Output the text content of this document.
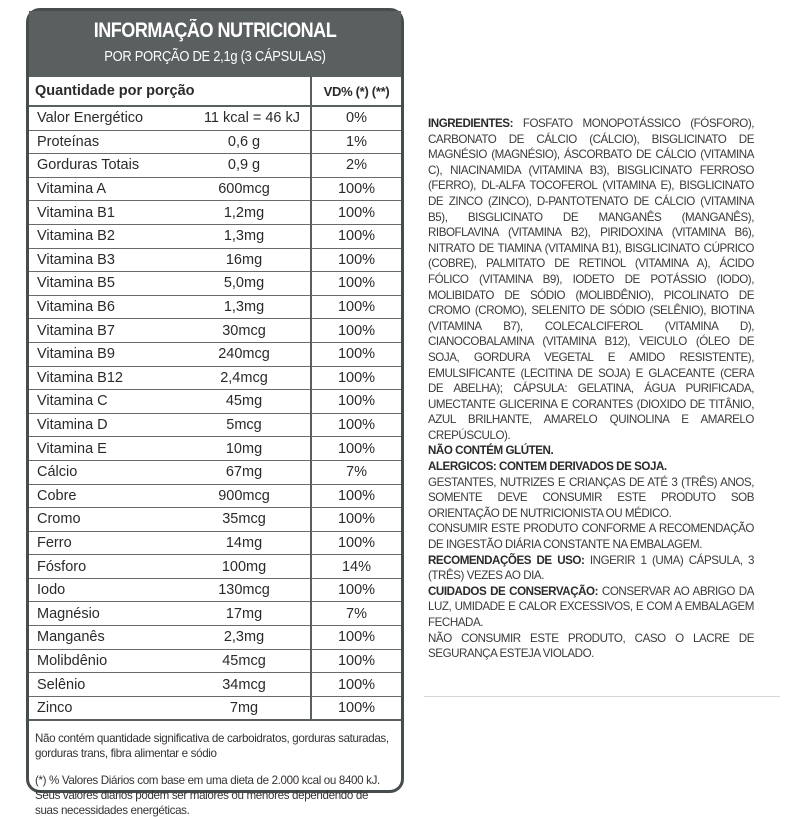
INFORMAÇÃO NUTRICIONAL
POR PORÇÃO DE 2,1g (3 CÁPSULAS)
Quantidade por porção	VD% (*) (**)
Valor Energético 11 kcal = 46 kJ	0%
Proteínas 0,6 g	1%
Gorduras Totais 0,9 g	2%
Vitamina A 600mcg	100%
Vitamina B1 1,2mg	100%
Vitamina B2 1,3mg	100%
Vitamina B3 16mg	100%
Vitamina B5 5,0mg	100%
Vitamina B6 1,3mg	100%
Vitamina B7 30mcg	100%
Vitamina B9 240mcg	100%
Vitamina B12 2,4mcg	100%
Vitamina C 45mg	100%
Vitamina D 5mcg	100%
Vitamina E 10mg	100%
Cálcio 67mg	7%
Cobre 900mcg	100%
Cromo 35mcg	100%
Ferro 14mg	100%
Fósforo 100mg	14%
Iodo 130mcg	100%
Magnésio 17mg	7%
Manganês 2,3mg	100%
Molibdênio 45mcg	100%
Selênio 34mcg	100%
Zinco 7mg	100%
Não contém quantidade significativa de carboidratos, gorduras saturadas, gorduras trans, fibra alimentar e sódio
(*) % Valores Diários com base em uma dieta de 2.000 kcal ou 8400 kJ. Seus valores diários podem ser maiores ou menores dependendo de suas necessidades energéticas.

INGREDIENTES: FOSFATO MONOPOTÁSSICO (FÓSFORO), CARBONATO DE CÁLCIO (CÁLCIO), BISGLICINATO DE MAGNÉSIO (MAGNÉSIO), ÁSCORBATO DE CÁLCIO (VITAMINA C), NIACINAMIDA (VITAMINA B3), BISGLICINATO FERROSO (FERRO), DL-ALFA TOCOFEROL (VITAMINA E), BISGLICINATO DE ZINCO (ZINCO), D-PANTOTENATO DE CÁLCIO (VITAMINA B5), BISGLICINATO DE MANGANÊS (MANGANÊS), RIBOFLAVINA (VITAMINA B2), PIRIDOXINA (VITAMINA B6), NITRATO DE TIAMINA (VITAMINA B1), BISGLICINATO CÚPRICO (COBRE), PALMITATO DE RETINOL (VITAMINA A), ÁCIDO FÓLICO (VITAMINA B9), IODETO DE POTÁSSIO (IODO), MOLIBIDATO DE SÓDIO (MOLIBDÊNIO), PICOLINATO DE CROMO (CROMO), SELENITO DE SÓDIO (SELÊNIO), BIOTINA (VITAMINA B7), COLECALCIFEROL (VITAMINA D), CIANOCOBALAMINA (VITAMINA B12), VEICULO (ÓLEO DE SOJA, GORDURA VEGETAL E AMIDO RESISTENTE), EMULSIFICANTE (LECITINA DE SOJA) E GLACEANTE (CERA DE ABELHA); CÁPSULA: GELATINA, ÁGUA PURIFICADA, UMECTANTE GLICERINA E CORANTES (DIOXIDO DE TITÂNIO, AZUL BRILHANTE, AMARELO QUINOLINA E AMARELO CREPÚSCULO).

NÃO CONTÉM GLÚTEN.

ALERGICOS: CONTEM DERIVADOS DE SOJA.

GESTANTES, NUTRIZES E CRIANÇAS DE ATÉ 3 (TRÊS) ANOS, SOMENTE DEVE CONSUMIR ESTE PRODUTO SOB ORIENTAÇÃO DE NUTRICIONISTA OU MÉDICO.

CONSUMIR ESTE PRODUTO CONFORME A RECOMENDAÇÃO DE INGESTÃO DIÁRIA CONSTANTE NA EMBALAGEM.

RECOMENDAÇÕES DE USO: INGERIR 1 (UMA) CÁPSULA, 3 (TRÊS) VEZES AO DIA.

CUIDADOS DE CONSERVAÇÃO: CONSERVAR AO ABRIGO DA LUZ, UMIDADE E CALOR EXCESSIVOS, E COM A EMBALAGEM FECHADA.

NÃO CONSUMIR ESTE PRODUTO, CASO O LACRE DE SEGURANÇA ESTEJA VIOLADO.
